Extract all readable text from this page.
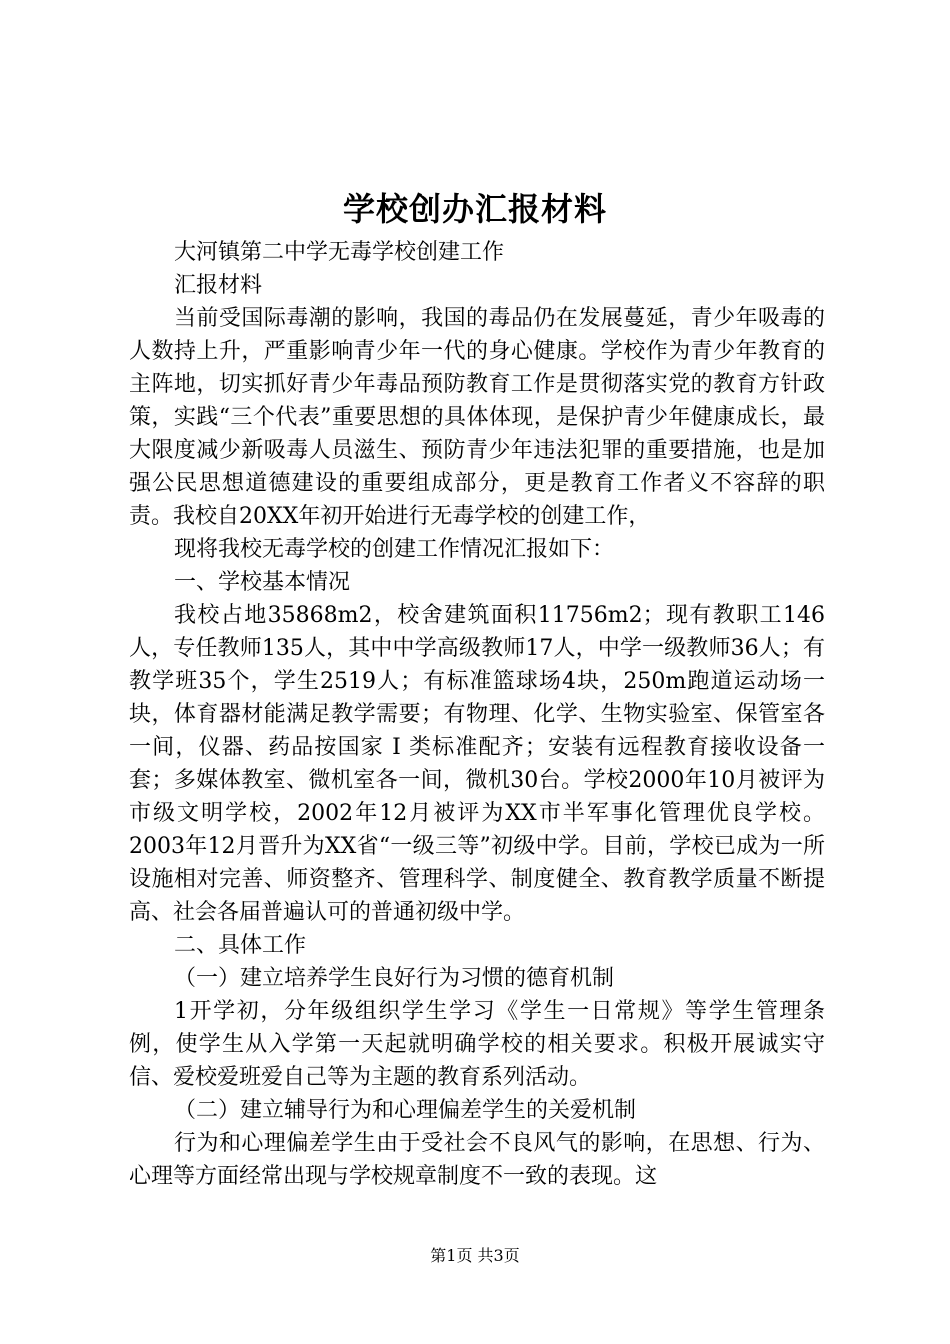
学校创办汇报材料

大河镇第二中学无毒学校创建工作

汇报材料

当前受国际毒潮的影响，我国的毒品仍在发展蔓延，青少年吸毒的人数持上升，严重影响青少年一代的身心健康。学校作为青少年教育的主阵地，切实抓好青少年毒品预防教育工作是贯彻落实党的教育方针政策，实践“三个代表”重要思想的具体体现，是保护青少年健康成长，最大限度减少新吸毒人员滋生、预防青少年违法犯罪的重要措施，也是加强公民思想道德建设的重要组成部分，更是教育工作者义不容辞的职责。我校自20XX年初开始进行无毒学校的创建工作，

现将我校无毒学校的创建工作情况汇报如下：

一、学校基本情况

我校占地35868m2，校舍建筑面积11756m2；现有教职工146人，专任教师135人，其中中学高级教师17人，中学一级教师36人；有教学班35个，学生2519人；有标准篮球场4块，250m跑道运动场一块，体育器材能满足教学需要；有物理、化学、生物实验室、保管室各一间，仪器、药品按国家 I 类标准配齐；安装有远程教育接收设备一套；多媒体教室、微机室各一间，微机30台。学校2000年10月被评为市级文明学校，2002年12月被评为XX市半军事化管理优良学校。2003年12月晋升为XX省“一级三等”初级中学。目前，学校已成为一所设施相对完善、师资整齐、管理科学、制度健全、教育教学质量不断提高、社会各届普遍认可的普通初级中学。

二、具体工作

（一）建立培养学生良好行为习惯的德育机制

1开学初，分年级组织学生学习《学生一日常规》等学生管理条例，使学生从入学第一天起就明确学校的相关要求。积极开展诚实守信、爱校爱班爱自己等为主题的教育系列活动。

（二）建立辅导行为和心理偏差学生的关爱机制

行为和心理偏差学生由于受社会不良风气的影响，在思想、行为、心理等方面经常出现与学校规章制度不一致的表现。这

第1页 共3页
